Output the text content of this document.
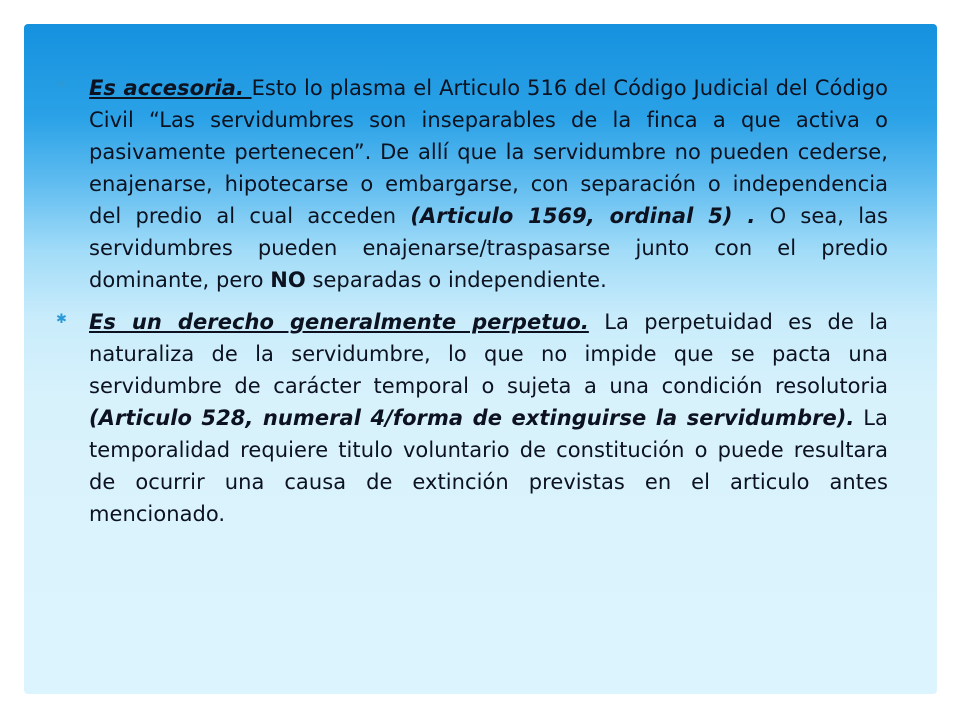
✱ Es accesoria. Esto lo plasma el Articulo 516 del Código Judicial del Código Civil “Las servidumbres son inseparables de la finca a que activa o pasivamente pertenecen”. De allí que la servidumbre no pueden cederse, enajenarse, hipotecarse o embargarse, con separación o independencia del predio al cual acceden (Articulo 1569, ordinal 5) . O sea, las servidumbres pueden enajenarse/traspasarse junto con el predio dominante, pero NO separadas o independiente.
✱ Es un derecho generalmente perpetuo. La perpetuidad es de la naturaliza de la servidumbre, lo que no impide que se pacta una servidumbre de carácter temporal o sujeta a una condición resolutoria (Articulo 528, numeral 4/forma de extinguirse la servidumbre). La temporalidad requiere titulo voluntario de constitución o puede resultara de ocurrir una causa de extinción previstas en el articulo antes mencionado.
